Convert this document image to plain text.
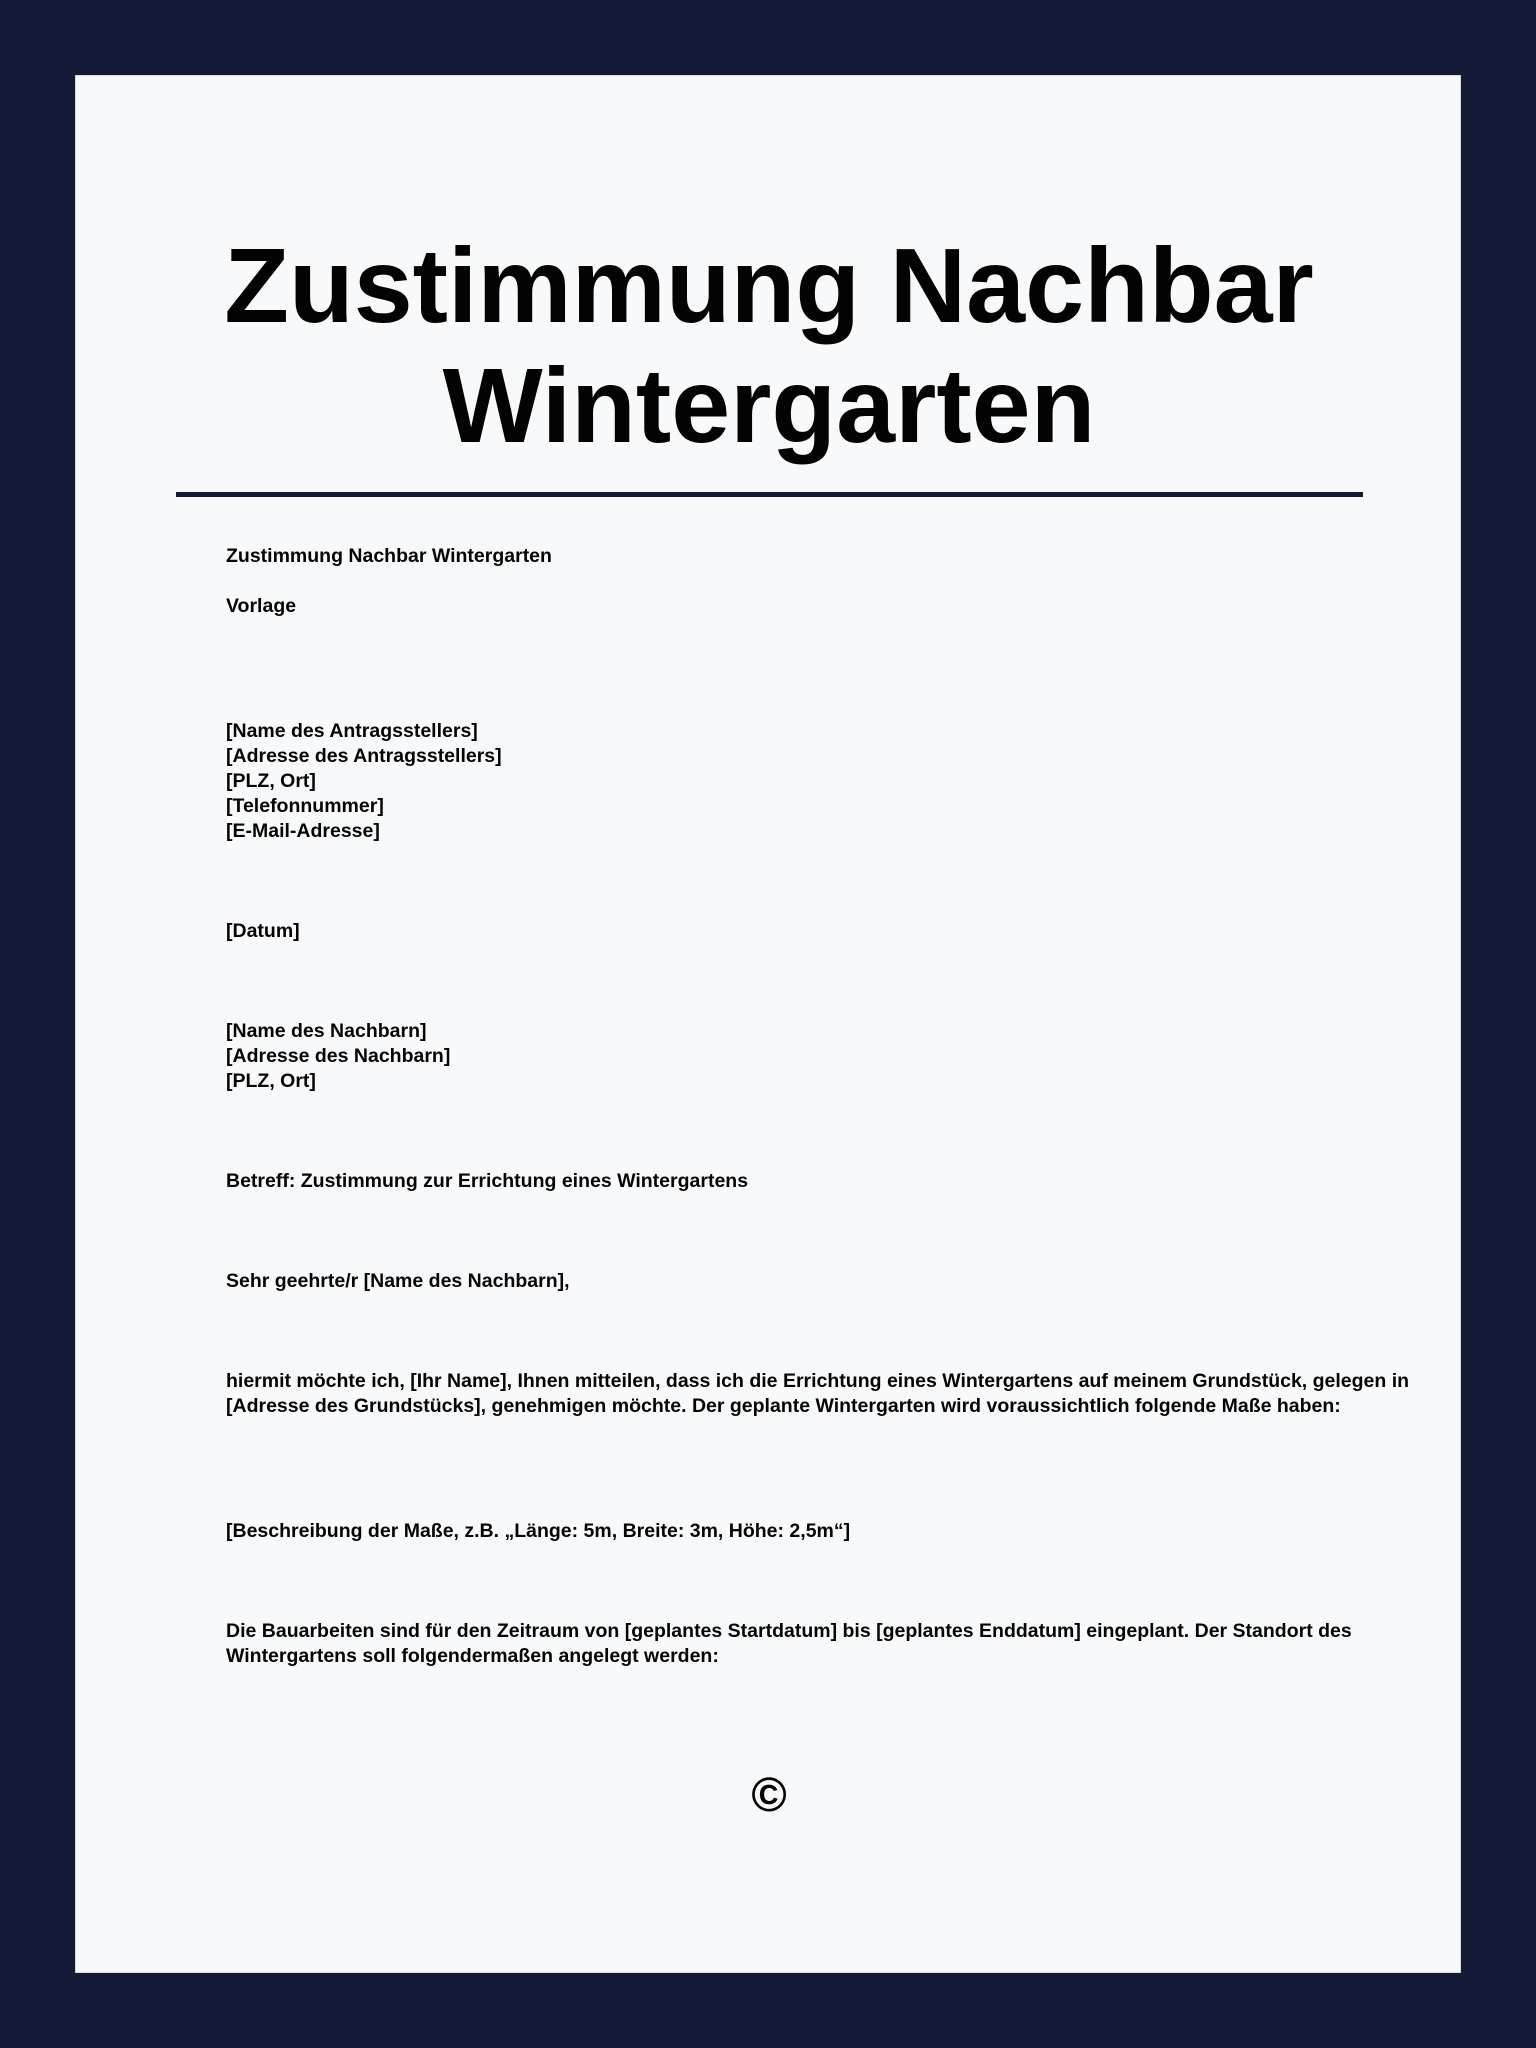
Zustimmung Nachbar Wintergarten
Zustimmung Nachbar Wintergarten
Vorlage
[Name des Antragsstellers]
[Adresse des Antragsstellers]
[PLZ, Ort]
[Telefonnummer]
[E-Mail-Adresse]
[Datum]
[Name des Nachbarn]
[Adresse des Nachbarn]
[PLZ, Ort]
Betreff: Zustimmung zur Errichtung eines Wintergartens
Sehr geehrte/r [Name des Nachbarn],
hiermit möchte ich, [Ihr Name], Ihnen mitteilen, dass ich die Errichtung eines Wintergartens auf meinem Grundstück, gelegen in [Adresse des Grundstücks], genehmigen möchte. Der geplante Wintergarten wird voraussichtlich folgende Maße haben:
[Beschreibung der Maße, z.B. „Länge: 5m, Breite: 3m, Höhe: 2,5m“]
Die Bauarbeiten sind für den Zeitraum von [geplantes Startdatum] bis [geplantes Enddatum] eingeplant. Der Standort des Wintergartens soll folgendermaßen angelegt werden:
©
